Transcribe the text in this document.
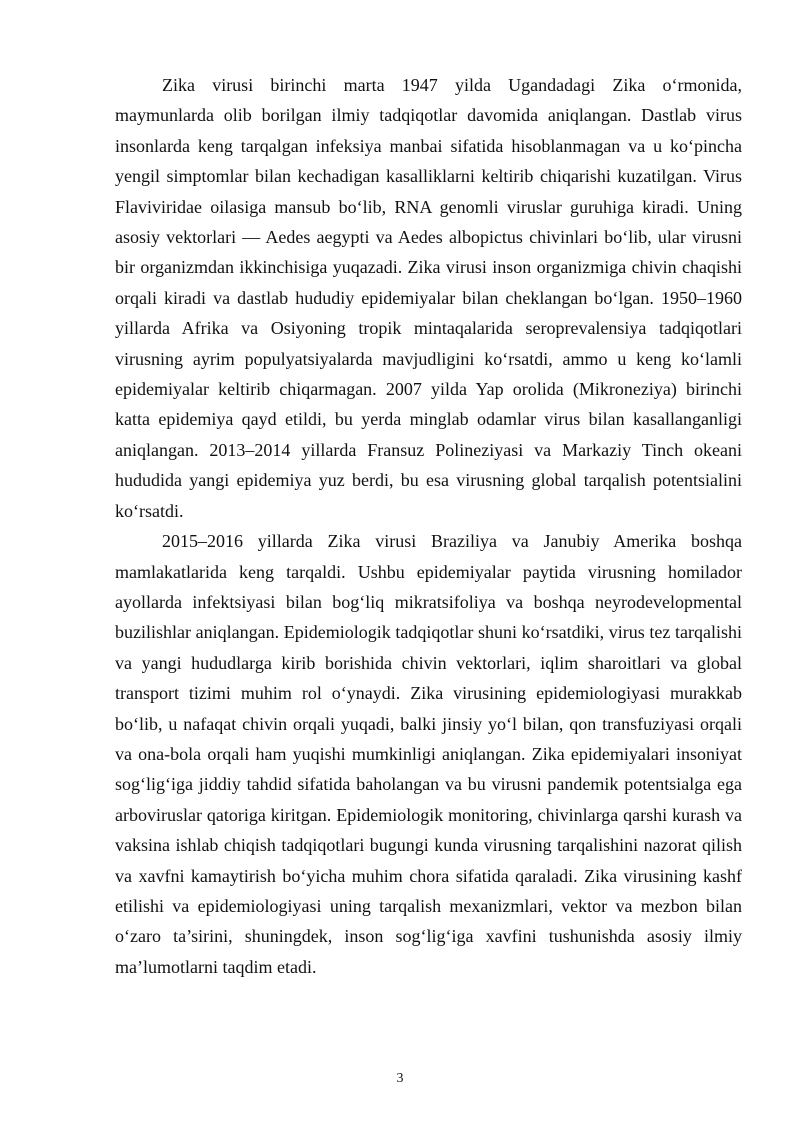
Zika virusi birinchi marta 1947 yilda Ugandadagi Zika o‘rmonida, maymunlarda olib borilgan ilmiy tadqiqotlar davomida aniqlangan. Dastlab virus insonlarda keng tarqalgan infeksiya manbai sifatida hisoblanmagan va u ko‘pincha yengil simptomlar bilan kechadigan kasalliklarni keltirib chiqarishi kuzatilgan. Virus Flaviviridae oilasiga mansub bo‘lib, RNA genomli viruslar guruhiga kiradi. Uning asosiy vektorlari — Aedes aegypti va Aedes albopictus chivinlari bo‘lib, ular virusni bir organizmdan ikkinchisiga yuqazadi. Zika virusi inson organizmiga chivin chaqishi orqali kiradi va dastlab hududiy epidemiyalar bilan cheklangan bo‘lgan. 1950–1960 yillarda Afrika va Osiyoning tropik mintaqalarida seroprevalensiya tadqiqotlari virusning ayrim populyatsiyalarda mavjudligini ko‘rsatdi, ammo u keng ko‘lamli epidemiyalar keltirib chiqarmagan. 2007 yilda Yap orolida (Mikroneziya) birinchi katta epidemiya qayd etildi, bu yerda minglab odamlar virus bilan kasallanganligi aniqlangan. 2013–2014 yillarda Fransuz Polineziyasi va Markaziy Tinch okeani hududida yangi epidemiya yuz berdi, bu esa virusning global tarqalish potentsialini ko‘rsatdi.

2015–2016 yillarda Zika virusi Braziliya va Janubiy Amerika boshqa mamlakatlarida keng tarqaldi. Ushbu epidemiyalar paytida virusning homilador ayollarda infektsiyasi bilan bog‘liq mikratsifoliya va boshqa neyrodevelopmental buzilishlar aniqlangan. Epidemiologik tadqiqotlar shuni ko‘rsatdiki, virus tez tarqalishi va yangi hududlarga kirib borishida chivin vektorlari, iqlim sharoitlari va global transport tizimi muhim rol o‘ynaydi. Zika virusining epidemiologiyasi murakkab bo‘lib, u nafaqat chivin orqali yuqadi, balki jinsiy yo‘l bilan, qon transfuziyasi orqali va ona-bola orqali ham yuqishi mumkinligi aniqlangan. Zika epidemiyalari insoniyat sog‘lig‘iga jiddiy tahdid sifatida baholangan va bu virusni pandemik potentsialga ega arboviruslar qatoriga kiritgan. Epidemiologik monitoring, chivinlarga qarshi kurash va vaksina ishlab chiqish tadqiqotlari bugungi kunda virusning tarqalishini nazorat qilish va xavfni kamaytirish bo‘yicha muhim chora sifatida qaraladi. Zika virusining kashf etilishi va epidemiologiyasi uning tarqalish mexanizmlari, vektor va mezbon bilan o‘zaro ta’sirini, shuningdek, inson sog‘lig‘iga xavfini tushunishda asosiy ilmiy ma’lumotlarni taqdim etadi.

3
